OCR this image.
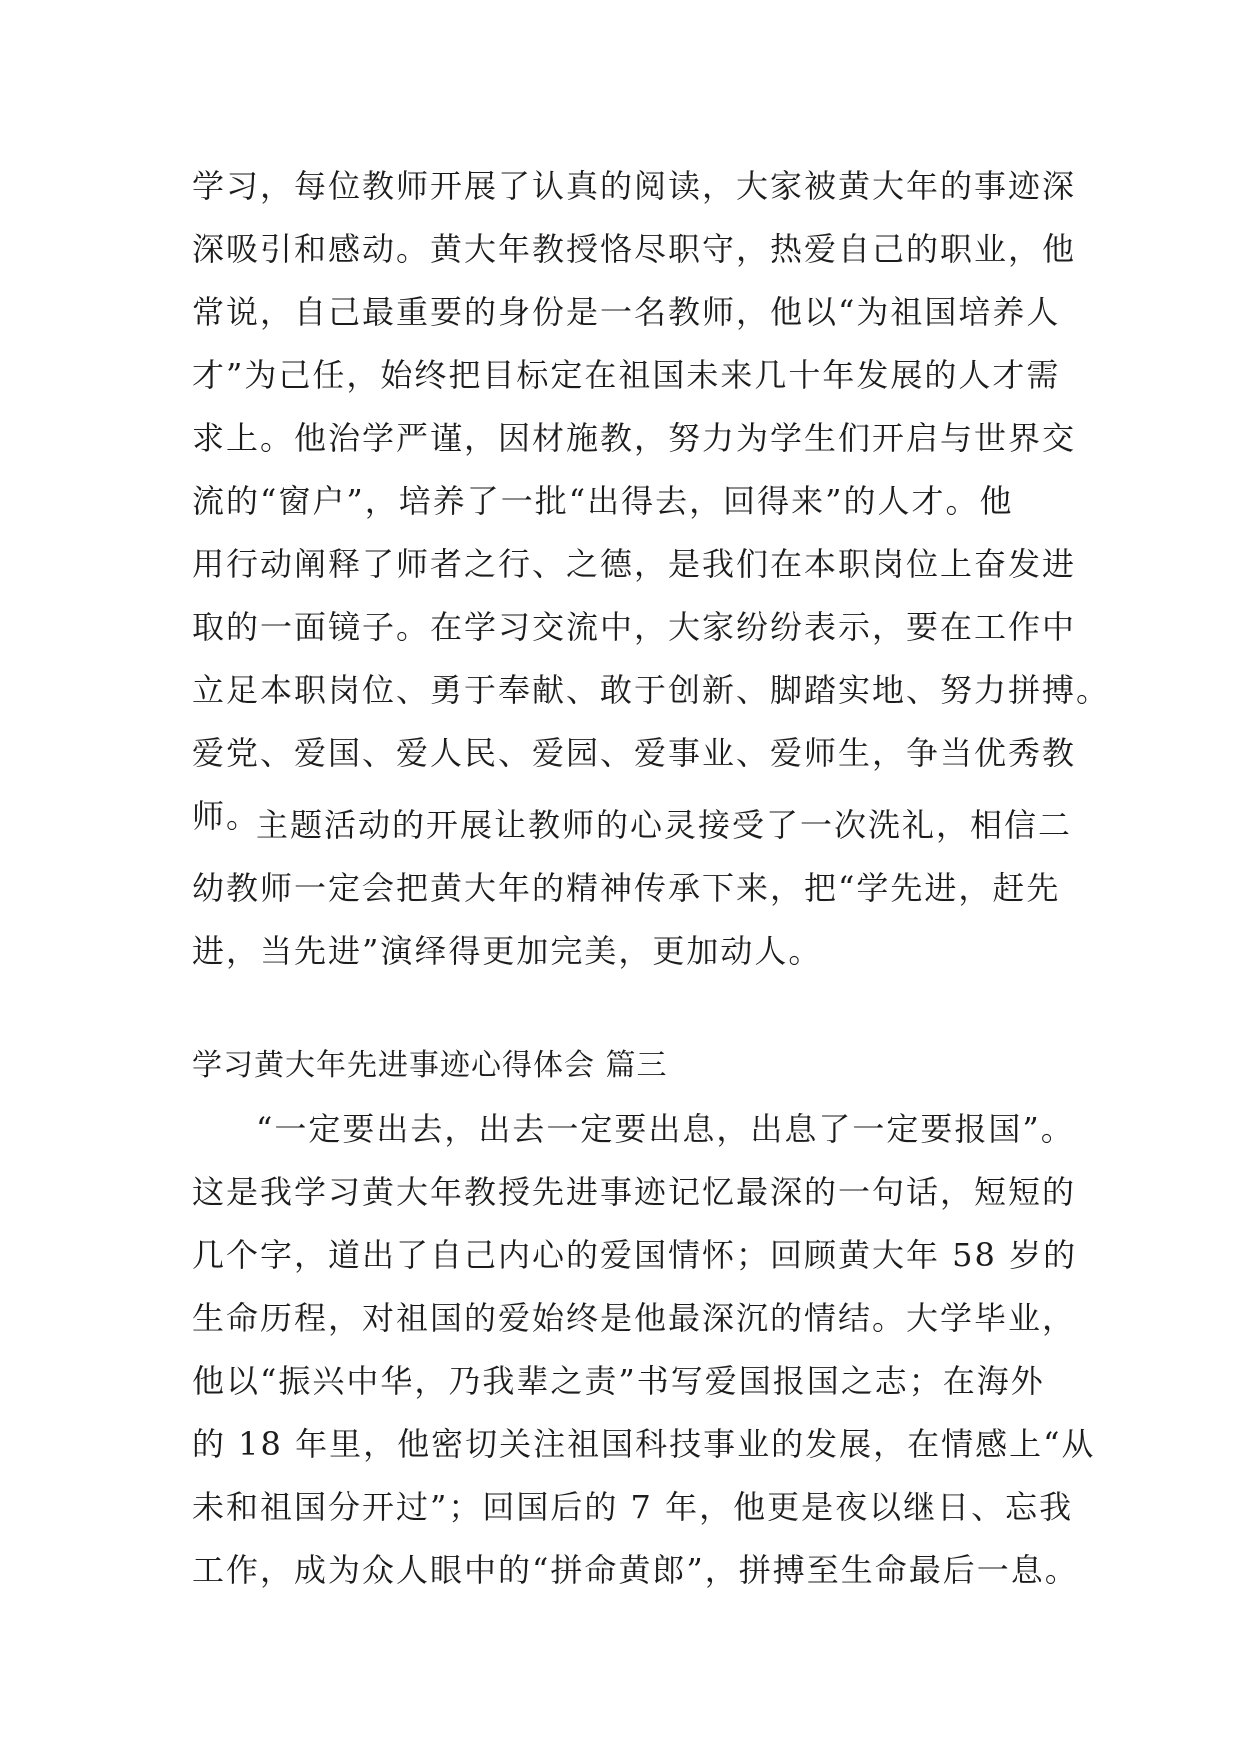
学习，每位教师开展了认真的阅读，大家被黄大年的事迹深
深吸引和感动。黄大年教授恪尽职守，热爱自己的职业，他
常说，自己最重要的身份是一名教师，他以“为祖国培养人
才”为己任，始终把目标定在祖国未来几十年发展的人才需
求上。他治学严谨，因材施教，努力为学生们开启与世界交
流的“窗户”，培养了一批“出得去，回得来”的人才。他
用行动阐释了师者之行、之德，是我们在本职岗位上奋发进
取的一面镜子。在学习交流中，大家纷纷表示，要在工作中
立足本职岗位、勇于奉献、敢于创新、脚踏实地、努力拼搏。
爱党、爱国、爱人民、爱园、爱事业、爱师生，争当优秀教
师。
主题活动的开展让教师的心灵接受了一次洗礼，相信二
幼教师一定会把黄大年的精神传承下来，把“学先进，赶先
进，当先进”演绎得更加完美，更加动人。
学习黄大年先进事迹心得体会 篇三
“一定要出去，出去一定要出息，出息了一定要报国”。
这是我学习黄大年教授先进事迹记忆最深的一句话，短短的
几个字，道出了自己内心的爱国情怀；回顾黄大年 58 岁的
生命历程，对祖国的爱始终是他最深沉的情结。大学毕业，
他以“振兴中华，乃我辈之责”书写爱国报国之志；在海外
的 18 年里，他密切关注祖国科技事业的发展，在情感上“从
未和祖国分开过”；回国后的 7 年，他更是夜以继日、忘我
工作，成为众人眼中的“拼命黄郎”，拼搏至生命最后一息。
